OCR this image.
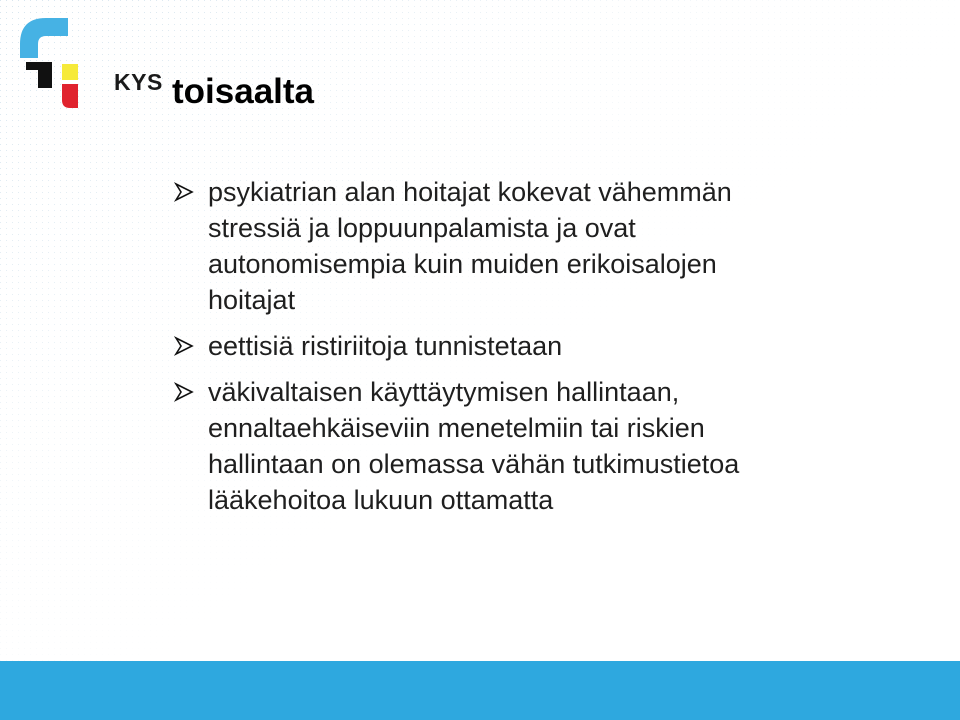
KYS toisaalta
psykiatrian alan hoitajat kokevat vähemmän
stressiä ja loppuunpalamista ja ovat
autonomisempia kuin muiden erikoisalojen
hoitajat
eettisiä ristiriitoja tunnistetaan
väkivaltaisen käyttäytymisen hallintaan,
ennaltaehkäiseviin menetelmiin tai riskien
hallintaan on olemassa vähän tutkimustietoa
lääkehoitoa lukuun ottamatta
